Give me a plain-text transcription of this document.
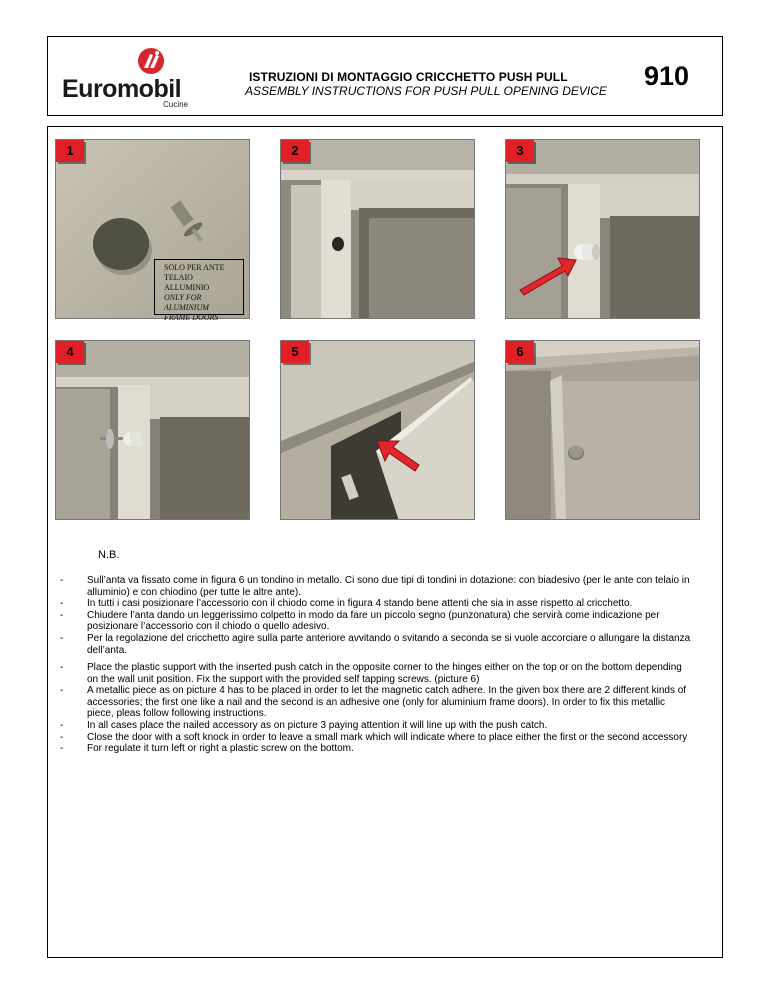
Euromobil
Cucine
ISTRUZIONI DI MONTAGGIO CRICCHETTO PUSH PULL
ASSEMBLY INSTRUCTIONS FOR PUSH PULL OPENING DEVICE 910
1	2	3
4	5	6
SOLO PER ANTE
TELAIO
ALLUMINIO
ONLY FOR
ALUMINIUM
FRAME DOORS
N.B.
- Sull’anta va fissato come in figura 6 un tondino in metallo. Ci sono due tipi di tondini in dotazione: con biadesivo (per le ante con telaio in alluminio) e con chiodino (per tutte le altre ante).
- In tutti i casi posizionare l’accessorio con il chiodo come in figura 4 stando bene attenti che sia in asse rispetto al cricchetto.
- Chiudere l’anta dando un leggerissimo colpetto in modo da fare un piccolo segno (punzonatura) che servirà come indicazione per posizionare l’accessorio con il chiodo o quello adesivo.
- Per la regolazione del cricchetto agire sulla parte anteriore avvitando o svitando a seconda se si vuole accorciare o allungare la distanza dell’anta.
- Place the plastic support with the inserted push catch in the opposite corner to the hinges either on the top or on the bottom depending on the wall unit position. Fix the support with the provided self tapping screws. (picture 6)
- A metallic piece as on picture 4 has to be placed in order to let the magnetic catch adhere. In the given box there are 2 different kinds of accessories; the first one like a nail and the second is an adhesive one (only for aluminium frame doors). In order to fix this metallic piece, pleas follow following instructions.
- In all cases place the nailed accessory as on picture 3 paying attention it will line up with the push catch.
- Close the door with a soft knock in order to leave a small mark which will indicate where to place either the first or the second accessory
- For regulate it turn left or right a plastic screw on the bottom.
